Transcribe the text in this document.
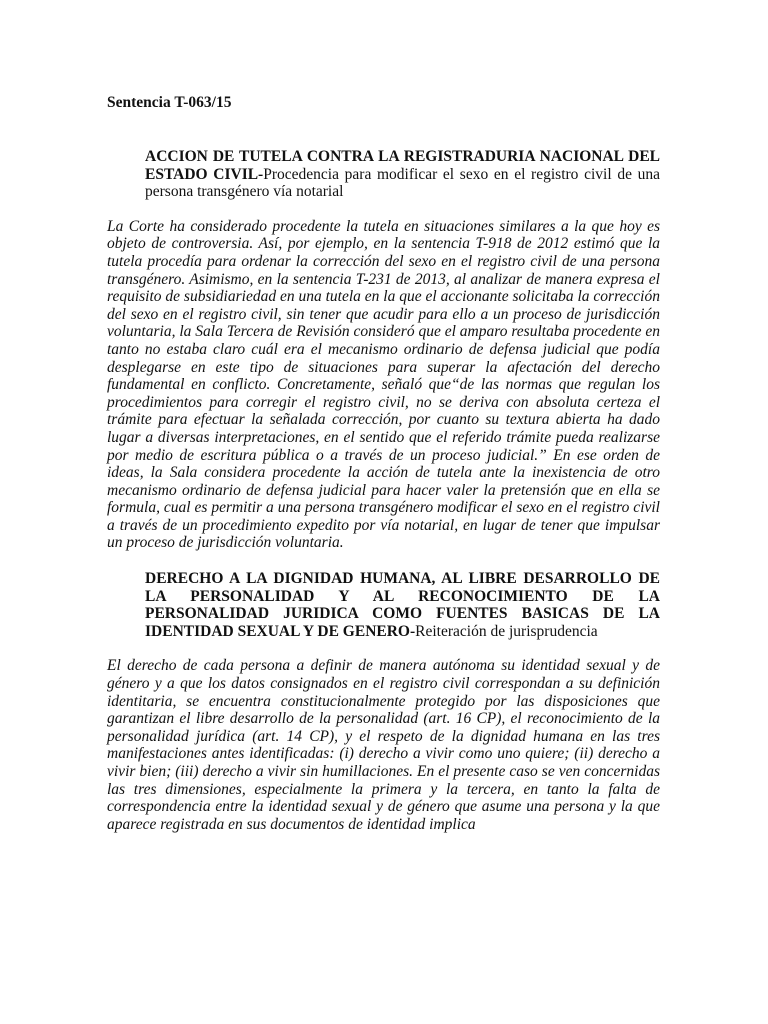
Sentencia T-063/15
ACCION DE TUTELA CONTRA LA REGISTRADURIA NACIONAL DEL ESTADO CIVIL-Procedencia para modificar el sexo en el registro civil de una persona transgénero vía notarial

La Corte ha considerado procedente la tutela en situaciones similares a la que hoy es objeto de controversia. Así, por ejemplo, en la sentencia T-918 de 2012 estimó que la tutela procedía para ordenar la corrección del sexo en el registro civil de una persona transgénero. Asimismo, en la sentencia T-231 de 2013, al analizar de manera expresa el requisito de subsidiariedad en una tutela en la que el accionante solicitaba la corrección del sexo en el registro civil, sin tener que acudir para ello a un proceso de jurisdicción voluntaria, la Sala Tercera de Revisión consideró que el amparo resultaba procedente en tanto no estaba claro cuál era el mecanismo ordinario de defensa judicial que podía desplegarse en este tipo de situaciones para superar la afectación del derecho fundamental en conflicto. Concretamente, señaló que“de las normas que regulan los procedimientos para corregir el registro civil, no se deriva con absoluta certeza el trámite para efectuar la señalada corrección, por cuanto su textura abierta ha dado lugar a diversas interpretaciones, en el sentido que el referido trámite pueda realizarse por medio de escritura pública o a través de un proceso judicial.” En ese orden de ideas, la Sala considera procedente la acción de tutela ante la inexistencia de otro mecanismo ordinario de defensa judicial para hacer valer la pretensión que en ella se formula, cual es permitir a una persona transgénero modificar el sexo en el registro civil a través de un procedimiento expedito por vía notarial, en lugar de tener que impulsar un proceso de jurisdicción voluntaria.

DERECHO A LA DIGNIDAD HUMANA, AL LIBRE DESARROLLO DE LA PERSONALIDAD Y AL RECONOCIMIENTO DE LA PERSONALIDAD JURIDICA COMO FUENTES BASICAS DE LA IDENTIDAD SEXUAL Y DE GENERO-Reiteración de jurisprudencia

El derecho de cada persona a definir de manera autónoma su identidad sexual y de género y a que los datos consignados en el registro civil correspondan a su definición identitaria, se encuentra constitucionalmente protegido por las disposiciones que garantizan el libre desarrollo de la personalidad (art. 16 CP), el reconocimiento de la personalidad jurídica (art. 14 CP), y el respeto de la dignidad humana en las tres manifestaciones antes identificadas: (i) derecho a vivir como uno quiere; (ii) derecho a vivir bien; (iii) derecho a vivir sin humillaciones. En el presente caso se ven concernidas las tres dimensiones, especialmente la primera y la tercera, en tanto la falta de correspondencia entre la identidad sexual y de género que asume una persona y la que aparece registrada en sus documentos de identidad implica
